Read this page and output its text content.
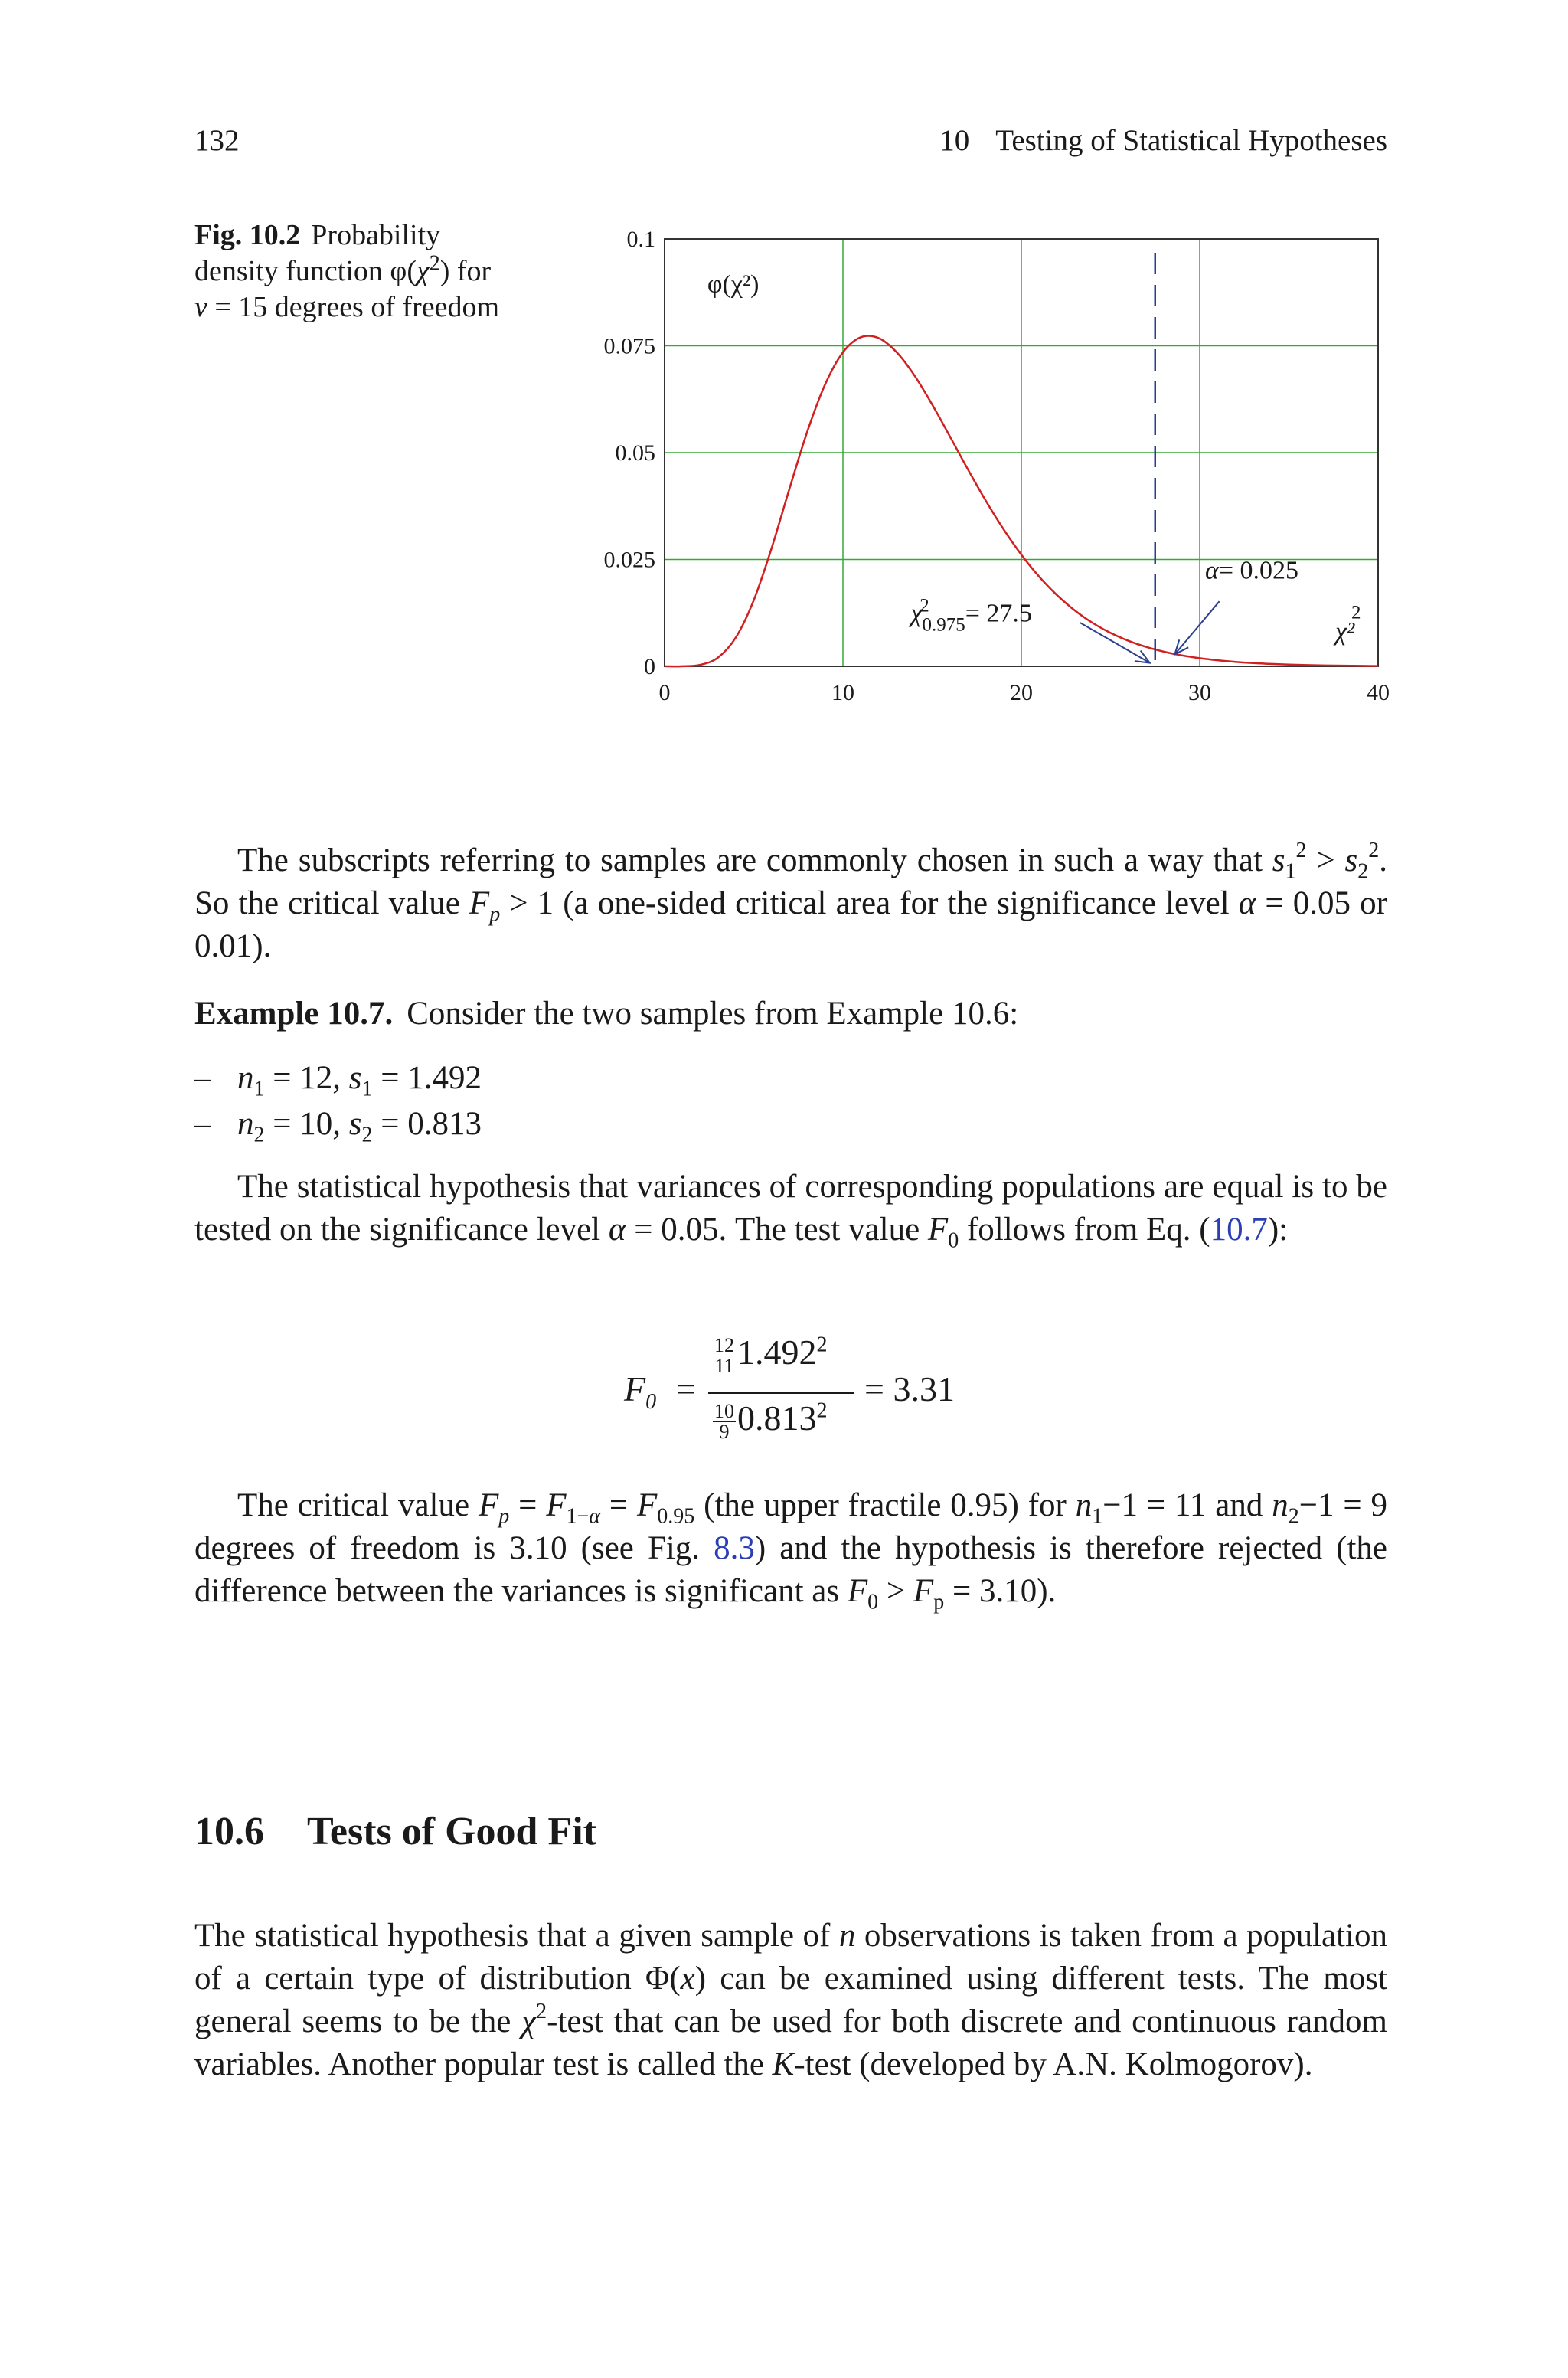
132	10 Testing of Statistical Hypotheses
Fig. 10.2 Probability
density function $\varphi(\chi^2)$ for
ν = 15 degrees of freedom
0
0.025
0.05
0.075
0.1
0	10	20	30	40
φ(χ²)
$\chi_{0.975}= 27.5$
2
α= 0.025
χ²
2
The subscripts referring to samples are commonly chosen in such a way that $s_1^2 > s_2^2$. So the critical value $F_p > 1$ (a one-sided critical area for the significance level α = 0.05 or 0.01).
Example 10.7. Consider the two samples from Example 10.6:
– $n_1 = 12$, $s_1 = 1.492$
– $n_2 = 10$, $s_2 = 0.813$
The statistical hypothesis that variances of corresponding populations are equal is to be tested on the significance level α = 0.05. The test value $F_0$ follows from Eq. (10.7):
$F_0$ =
$\frac{12}{11} 1.492^2$
$\frac{10}{9} 0.813^2$
= 3.31
The critical value $F_p = F_{1-\alpha} = F_{0.95}$ (the upper fractile 0.95) for $n_1-1 = 11$ and $n_2-1 = 9$ degrees of freedom is 3.10 (see Fig. 8.3) and the hypothesis is therefore rejected (the difference between the variances is significant as $F_0 > F_p = 3.10$).
10.6 Tests of Good Fit
The statistical hypothesis that a given sample of n observations is taken from a population of a certain type of distribution Φ(x) can be examined using different tests. The most general seems to be the $\chi^2$-test that can be used for both discrete and continuous random variables. Another popular test is called the K-test (developed by A.N. Kolmogorov).
